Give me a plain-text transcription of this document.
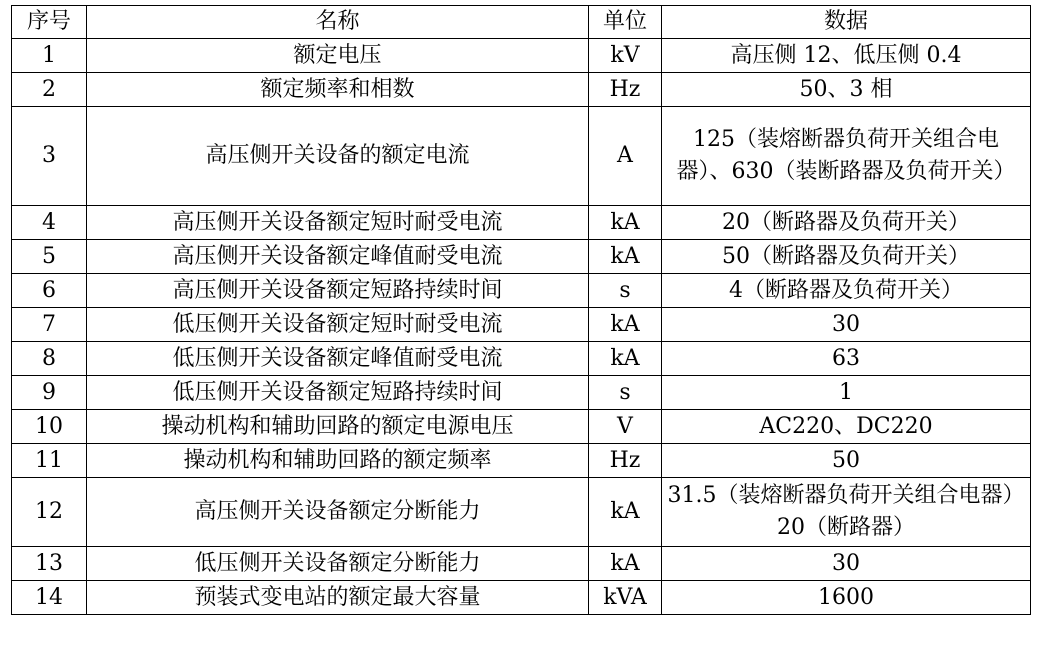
序号	名称	单位	数据
1	额定电压	kV	高压侧 12、低压侧 0.4
2	额定频率和相数	Hz	50、3 相
3	高压侧开关设备的额定电流	A	125（装熔断器负荷开关组合电器）、630（装断路器及负荷开关）
4	高压侧开关设备额定短时耐受电流	kA	20（断路器及负荷开关）
5	高压侧开关设备额定峰值耐受电流	kA	50（断路器及负荷开关）
6	高压侧开关设备额定短路持续时间	s	4（断路器及负荷开关）
7	低压侧开关设备额定短时耐受电流	kA	30
8	低压侧开关设备额定峰值耐受电流	kA	63
9	低压侧开关设备额定短路持续时间	s	1
10	操动机构和辅助回路的额定电源电压	V	AC220、DC220
11	操动机构和辅助回路的额定频率	Hz	50
12	高压侧开关设备额定分断能力	kA	31.5（装熔断器负荷开关组合电器）20（断路器）
13	低压侧开关设备额定分断能力	kA	30
14	预装式变电站的额定最大容量	kVA	1600
